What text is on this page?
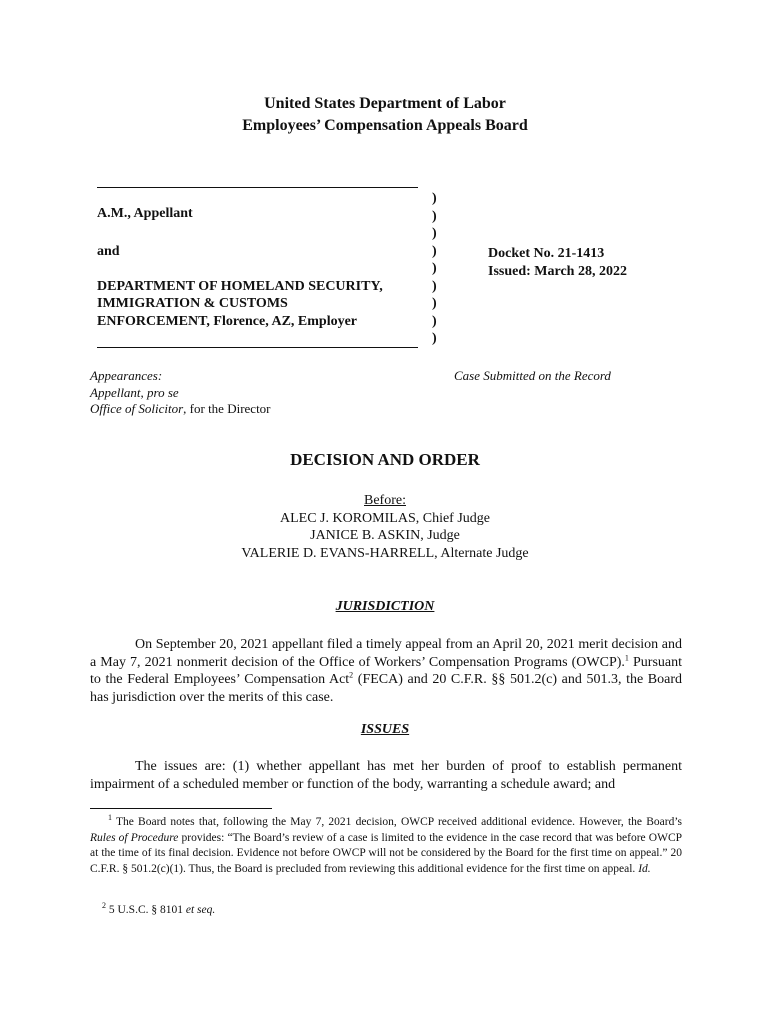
United States Department of Labor
Employees’ Compensation Appeals Board
A.M., Appellant
and
DEPARTMENT OF HOMELAND SECURITY,
IMMIGRATION & CUSTOMS
ENFORCEMENT, Florence, AZ, Employer
)
)
)
)
)
)
)
)
)
Docket No. 21-1413
Issued: March 28, 2022
Appearances:
Appellant, pro se
Office of Solicitor, for the Director
Case Submitted on the Record
DECISION AND ORDER
Before:
ALEC J. KOROMILAS, Chief Judge
JANICE B. ASKIN, Judge
VALERIE D. EVANS-HARRELL, Alternate Judge
JURISDICTION
On September 20, 2021 appellant filed a timely appeal from an April 20, 2021 merit decision and a May 7, 2021 nonmerit decision of the Office of Workers’ Compensation Programs (OWCP).$^1$ Pursuant to the Federal Employees’ Compensation Act$^2$ (FECA) and 20 C.F.R. §§ 501.2(c) and 501.3, the Board has jurisdiction over the merits of this case.
ISSUES
The issues are: (1) whether appellant has met her burden of proof to establish permanent impairment of a scheduled member or function of the body, warranting a schedule award; and
$^1$ The Board notes that, following the May 7, 2021 decision, OWCP received additional evidence. However, the Board’s Rules of Procedure provides: “The Board’s review of a case is limited to the evidence in the case record that was before OWCP at the time of its final decision. Evidence not before OWCP will not be considered by the Board for the first time on appeal.” 20 C.F.R. § 501.2(c)(1). Thus, the Board is precluded from reviewing this additional evidence for the first time on appeal. Id.
$^2$ 5 U.S.C. § 8101 et seq.
